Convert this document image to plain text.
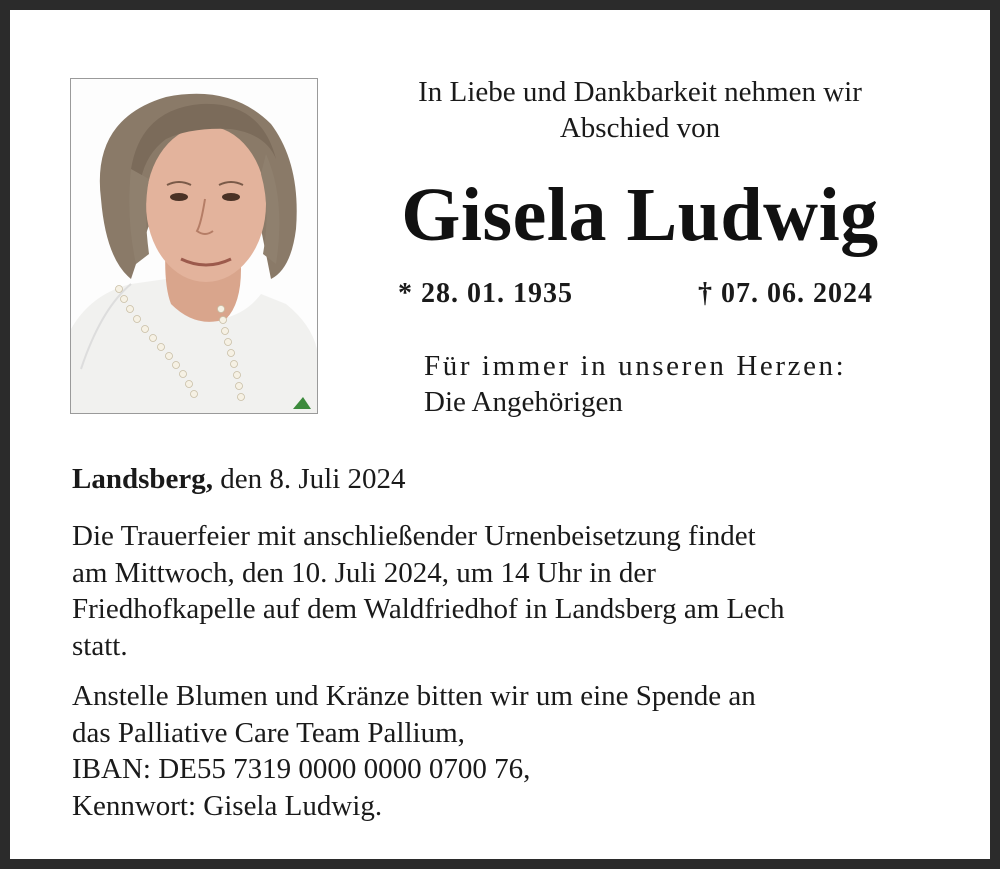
In Liebe und Dankbarkeit nehmen wir
Abschied von
Gisela Ludwig
* 28. 01. 1935	† 07. 06. 2024
Für immer in unseren Herzen:
Die Angehörigen
Landsberg, den 8. Juli 2024
Die Trauerfeier mit anschließender Urnenbeisetzung findet
am Mittwoch, den 10. Juli 2024, um 14 Uhr in der
Friedhofkapelle auf dem Waldfriedhof in Landsberg am Lech
statt.
Anstelle Blumen und Kränze bitten wir um eine Spende an
das Palliative Care Team Pallium,
IBAN: DE55 7319 0000 0000 0700 76,
Kennwort: Gisela Ludwig.
